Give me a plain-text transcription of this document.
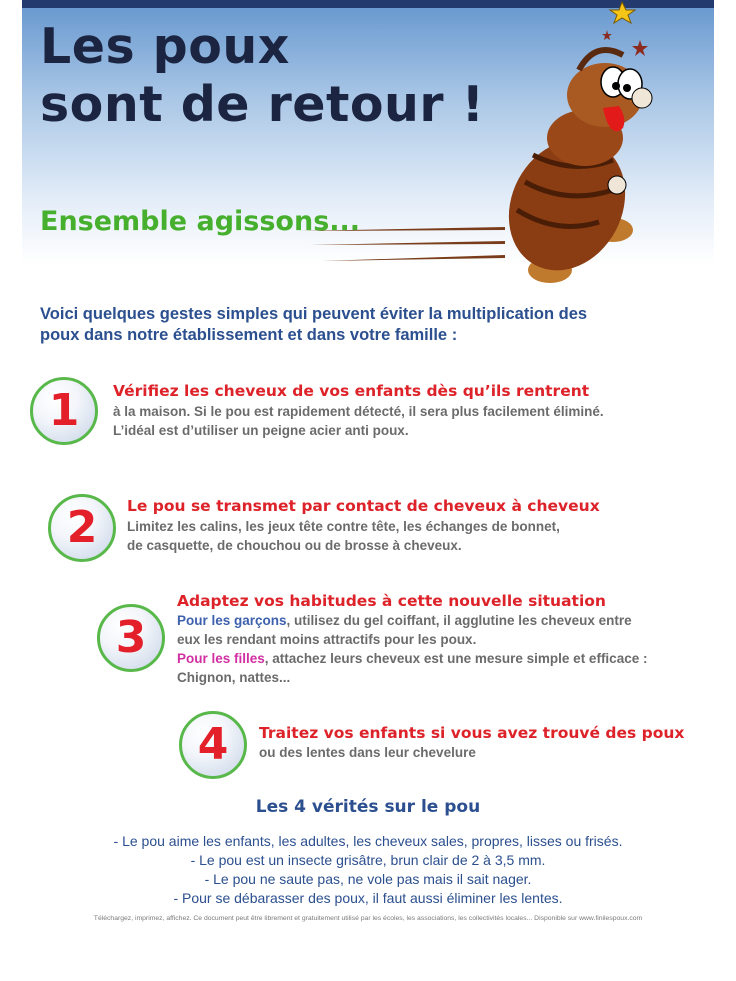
Les poux
sont de retour !
Ensemble agissons...

Voici quelques gestes simples qui peuvent éviter la multiplication des
poux dans notre établissement et dans votre famille :

1	Vérifiez les cheveux de vos enfants dès qu’ils rentrent

à la maison. Si le pou est rapidement détecté, il sera plus facilement éliminé.
L’idéal est d’utiliser un peigne acier anti poux.

2	Le pou se transmet par contact de cheveux à cheveux

Limitez les calins, les jeux tête contre tête, les échanges de bonnet,
de casquette, de chouchou ou de brosse à cheveux.

3

Adaptez vos habitudes à cette nouvelle situation

Pour les garçons, utilisez du gel coiffant, il agglutine les cheveux entre
eux les rendant moins attractifs pour les poux.
Pour les filles, attachez leurs cheveux est une mesure simple et efficace :
Chignon, nattes...

4	Traitez vos enfants si vous avez trouvé des poux

ou des lentes dans leur chevelure

Les 4 vérités sur le pou
- Le pou aime les enfants, les adultes, les cheveux sales, propres, lisses ou frisés.
- Le pou est un insecte grisâtre, brun clair de 2 à 3,5 mm.
- Le pou ne saute pas, ne vole pas mais il sait nager.
- Pour se débarasser des poux, il faut aussi éliminer les lentes.

Téléchargez, imprimez, affichez. Ce document peut être librement et gratuitement utilisé par les écoles, les associations, les collectivités locales... Disponible sur www.finilespoux.com
